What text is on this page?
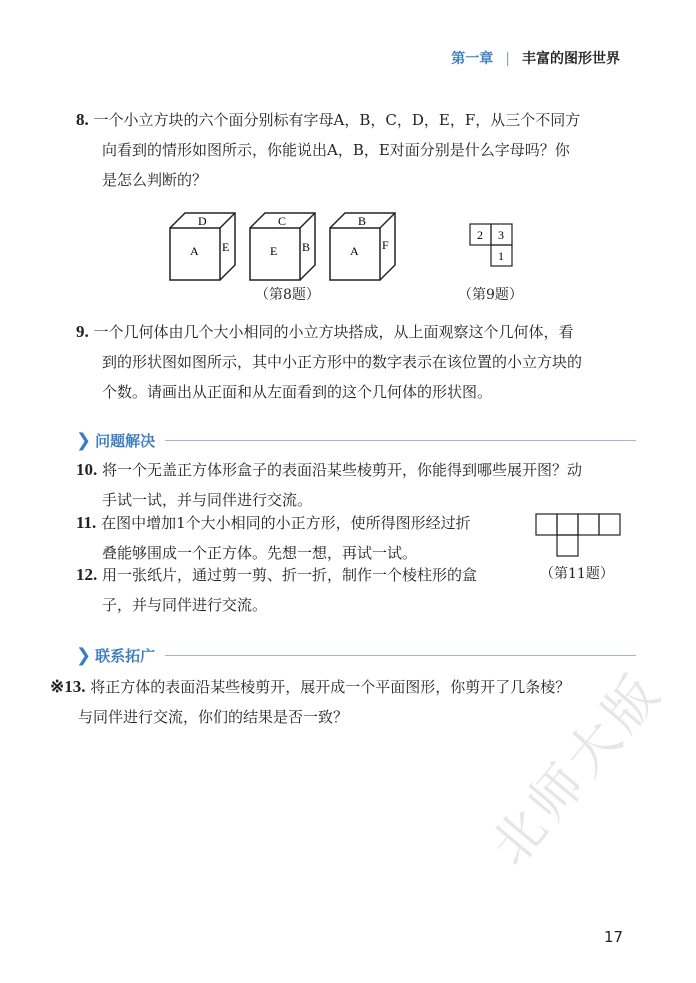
第一章 | 丰富的图形世界
8. 一个小立方块的六个面分别标有字母A，B，C，D，E，F，从三个不同方
向看到的情形如图所示，你能说出A，B，E对面分别是什么字母吗？你
是怎么判断的？
D
A E
C
E B
B
A F
（第8题）
2 3
1
（第9题）
9. 一个几何体由几个大小相同的小立方块搭成，从上面观察这个几何体，看
到的形状图如图所示，其中小正方形中的数字表示在该位置的小立方块的
个数。请画出从正面和从左面看到的这个几何体的形状图。
❯ 问题解决
10. 将一个无盖正方体形盒子的表面沿某些棱剪开，你能得到哪些展开图？动
手试一试，并与同伴进行交流。
11. 在图中增加1个大小相同的小正方形，使所得图形经过折
叠能够围成一个正方体。先想一想，再试一试。
（第11题）
12. 用一张纸片，通过剪一剪、折一折，制作一个棱柱形的盒
子，并与同伴进行交流。
❯ 联系拓广
※13. 将正方体的表面沿某些棱剪开，展开成一个平面图形，你剪开了几条棱？
与同伴进行交流，你们的结果是否一致？	北师大版
17
